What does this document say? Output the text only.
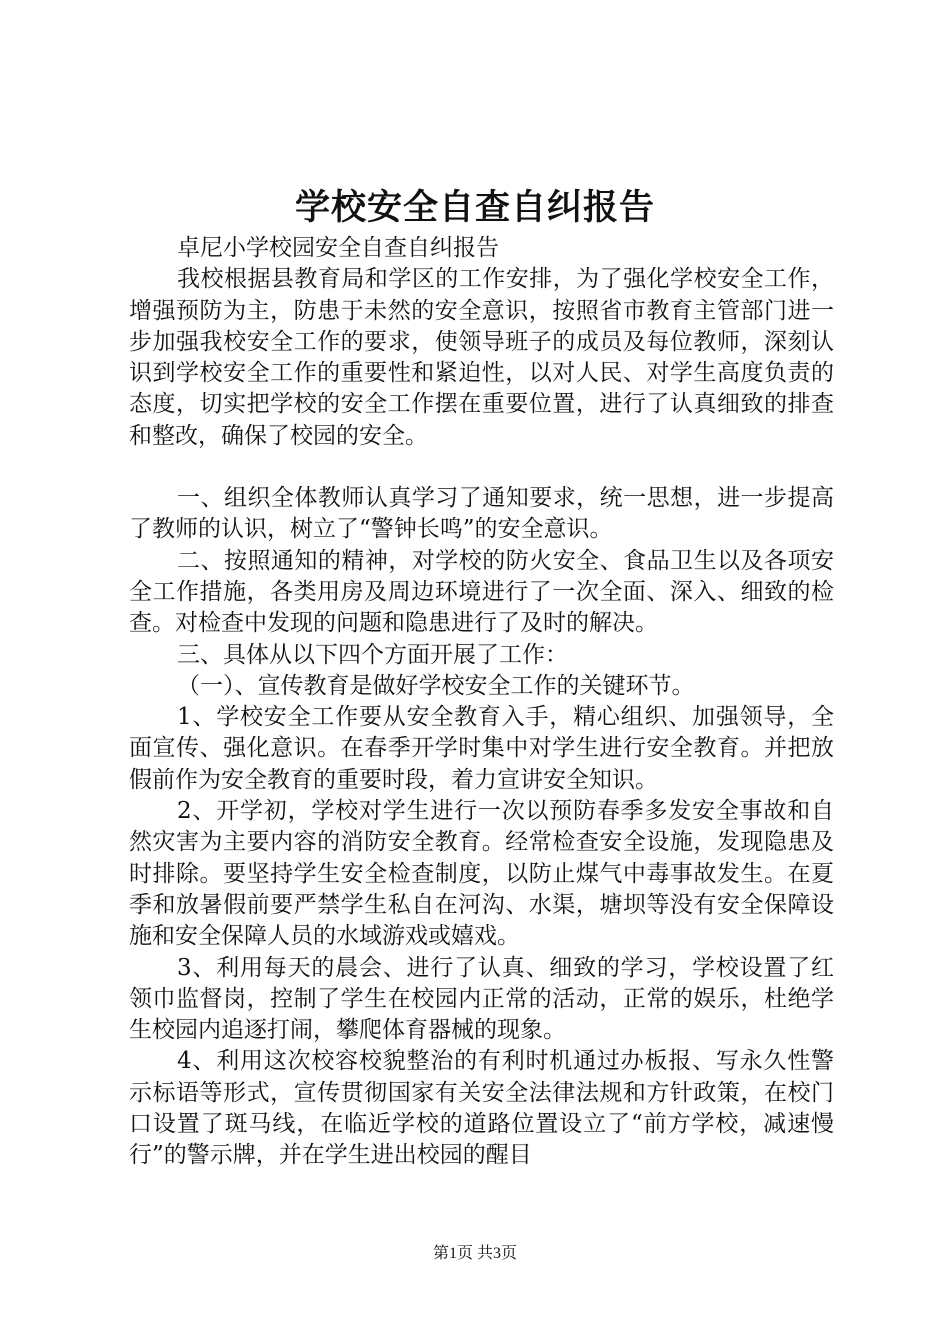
学校安全自查自纠报告

卓尼小学校园安全自查自纠报告

我校根据县教育局和学区的工作安排，为了强化学校安全工作，增强预防为主，防患于未然的安全意识，按照省市教育主管部门进一步加强我校安全工作的要求，使领导班子的成员及每位教师，深刻认识到学校安全工作的重要性和紧迫性，以对人民、对学生高度负责的态度，切实把学校的安全工作摆在重要位置，进行了认真细致的排查和整改，确保了校园的安全。

一、组织全体教师认真学习了通知要求，统一思想，进一步提高了教师的认识，树立了“警钟长鸣”的安全意识。

二、按照通知的精神，对学校的防火安全、食品卫生以及各项安全工作措施，各类用房及周边环境进行了一次全面、深入、细致的检查。对检查中发现的问题和隐患进行了及时的解决。

三、具体从以下四个方面开展了工作：

（一）、宣传教育是做好学校安全工作的关键环节。

1、学校安全工作要从安全教育入手，精心组织、加强领导，全面宣传、强化意识。在春季开学时集中对学生进行安全教育。并把放假前作为安全教育的重要时段，着力宣讲安全知识。

2、开学初，学校对学生进行一次以预防春季多发安全事故和自然灾害为主要内容的消防安全教育。经常检查安全设施，发现隐患及时排除。要坚持学生安全检查制度，以防止煤气中毒事故发生。在夏季和放暑假前要严禁学生私自在河沟、水渠，塘坝等没有安全保障设施和安全保障人员的水域游戏或嬉戏。

3、利用每天的晨会、进行了认真、细致的学习，学校设置了红领巾监督岗，控制了学生在校园内正常的活动，正常的娱乐，杜绝学生校园内追逐打闹，攀爬体育器械的现象。

4、利用这次校容校貌整治的有利时机通过办板报、写永久性警示标语等形式，宣传贯彻国家有关安全法律法规和方针政策，在校门口设置了斑马线，在临近学校的道路位置设立了“前方学校，减速慢行”的警示牌，并在学生进出校园的醒目

第1页 共3页
